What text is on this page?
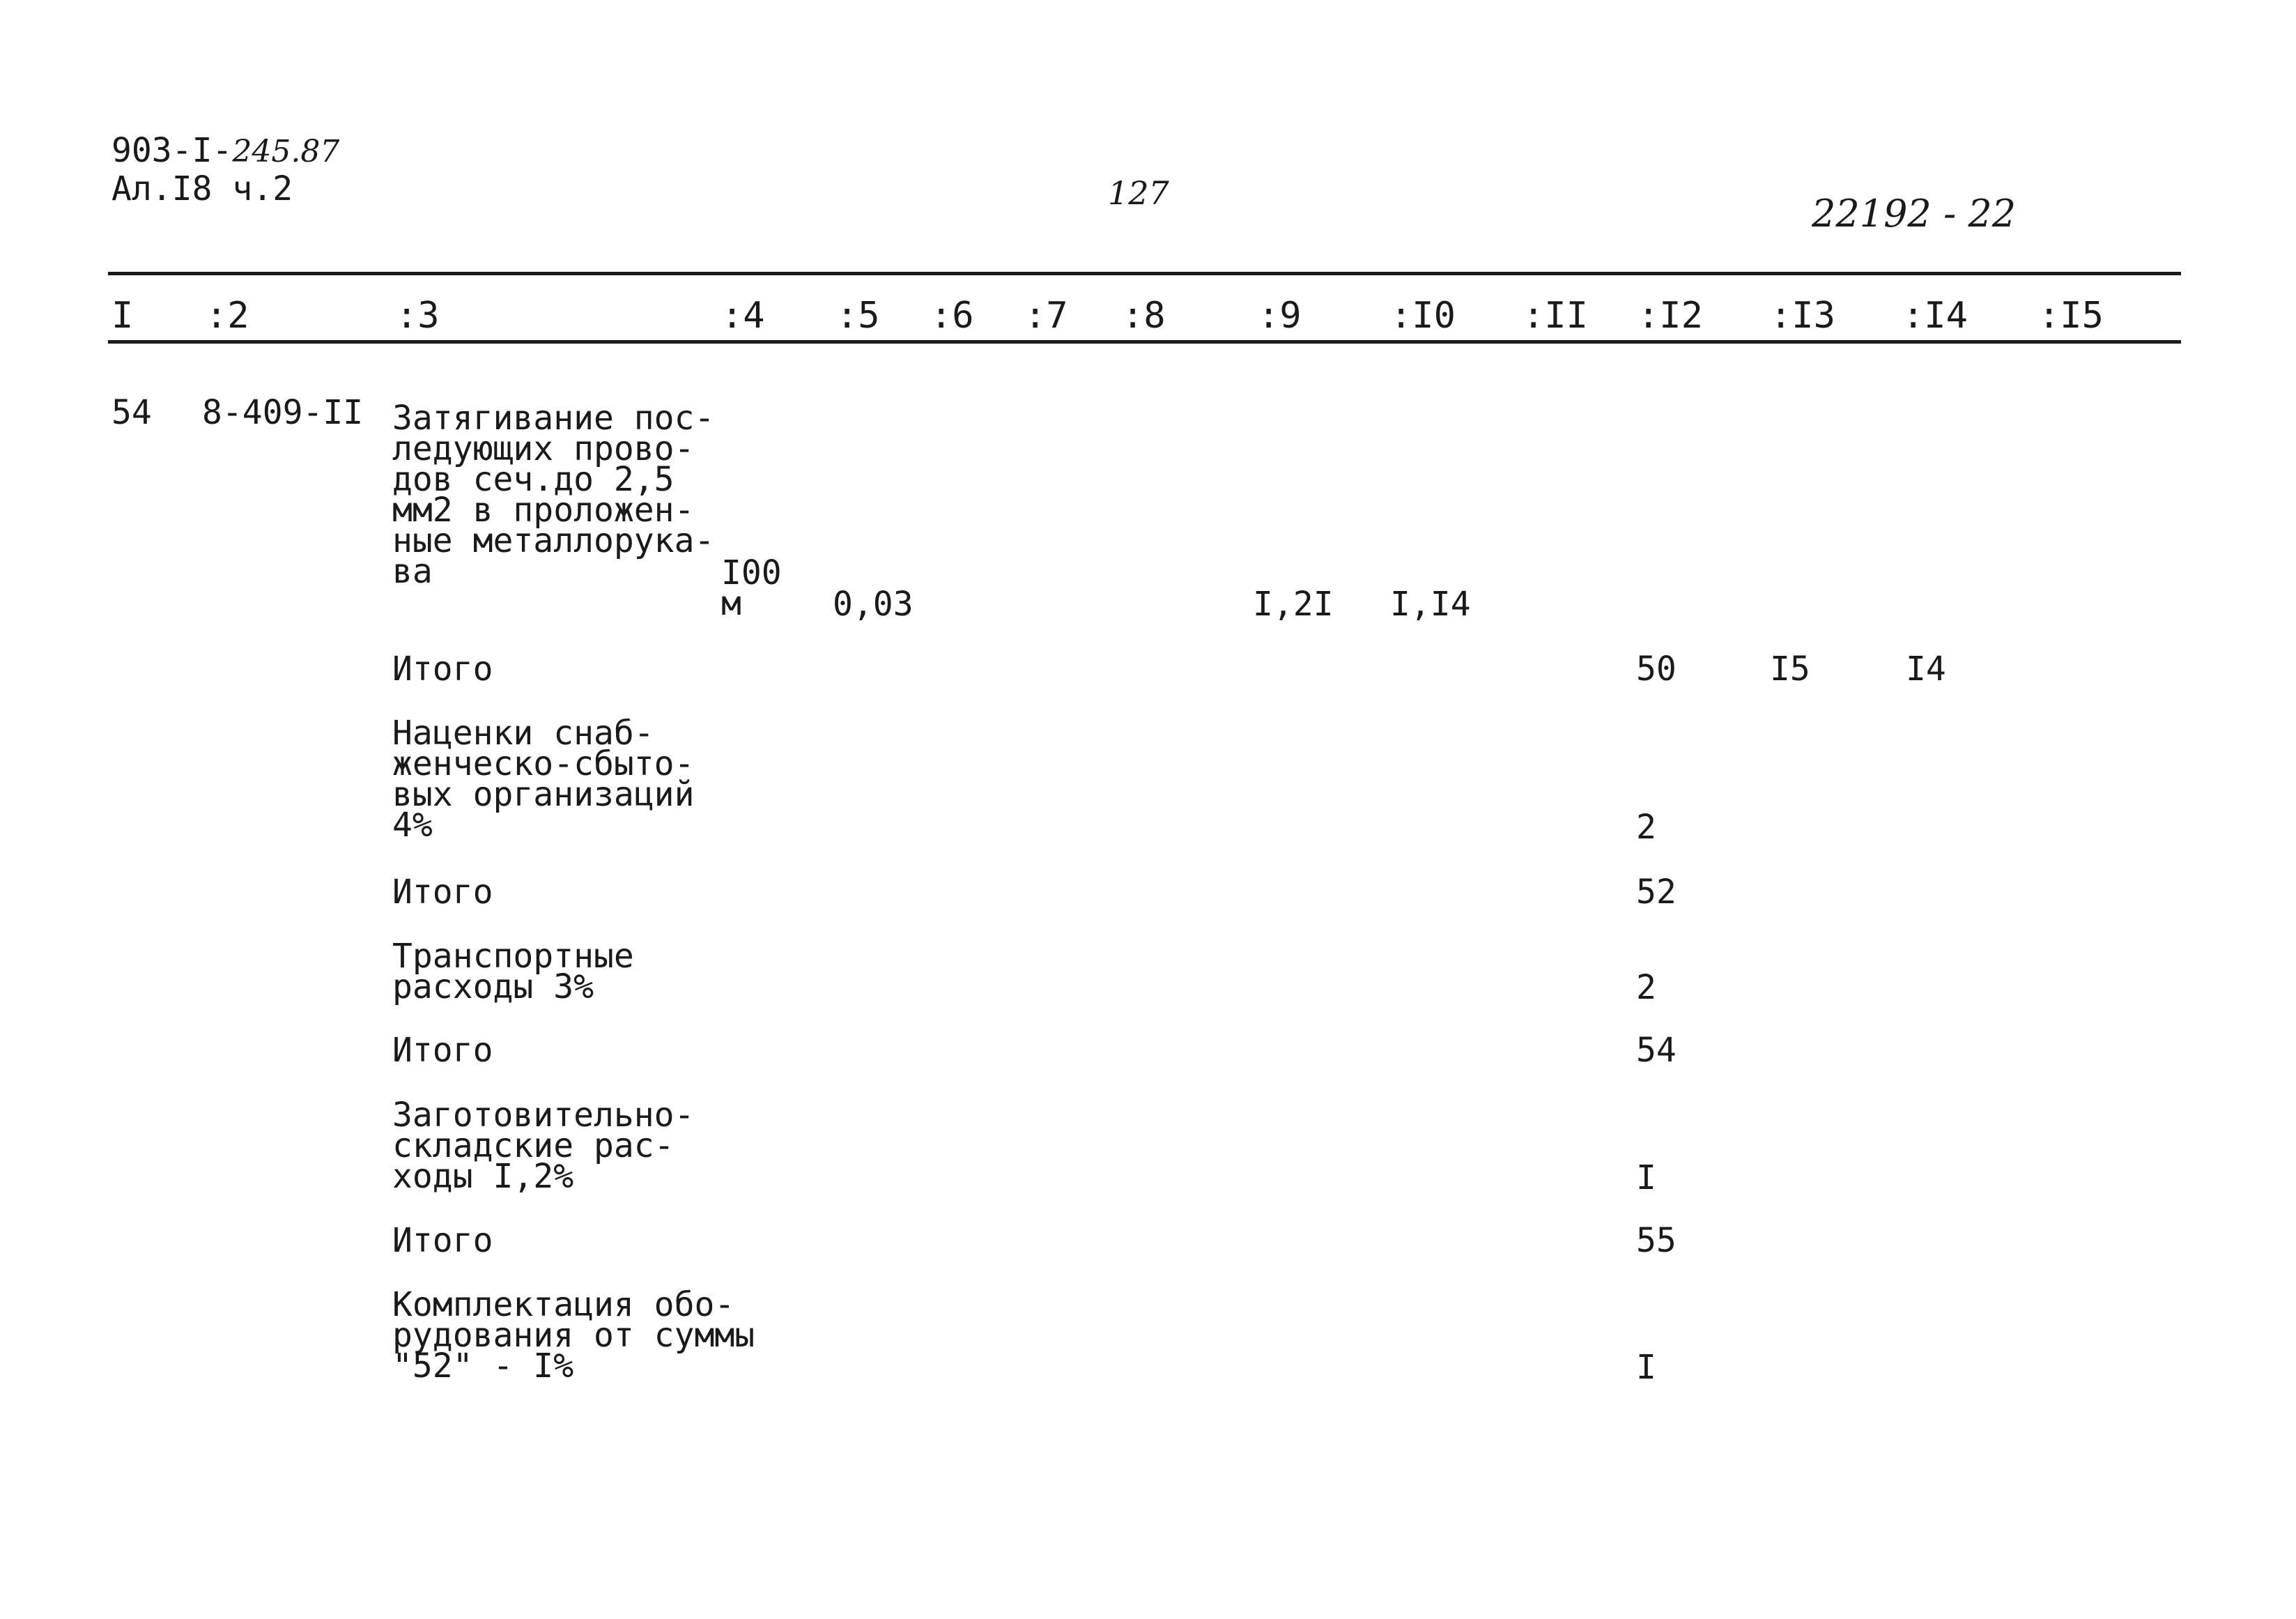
903-I-245.87
Ал.I8 ч.2	127	22192 - 22
I :2	:3	:4 :5 :6 :7 :8	:9 :I0 :II :I2 :I3 :I4 :I5
54 8-409-II Затягивание пос-
ледующих прово-
дов сеч.до 2,5
мм2 в проложен-
ные металлорука-
ва	I00
м	0,03	I,2I I,I4
Итого	50	I5	I4
Наценки снаб-
женческо-сбыто-
вых организаций
4%	2
Итого	52
Транспортные
расходы 3%	2
Итого	54
Заготовительно-
складские рас-
ходы I,2%	I
Итого	55
Комплектация обо-
рудования от суммы
"52" - I%	I
